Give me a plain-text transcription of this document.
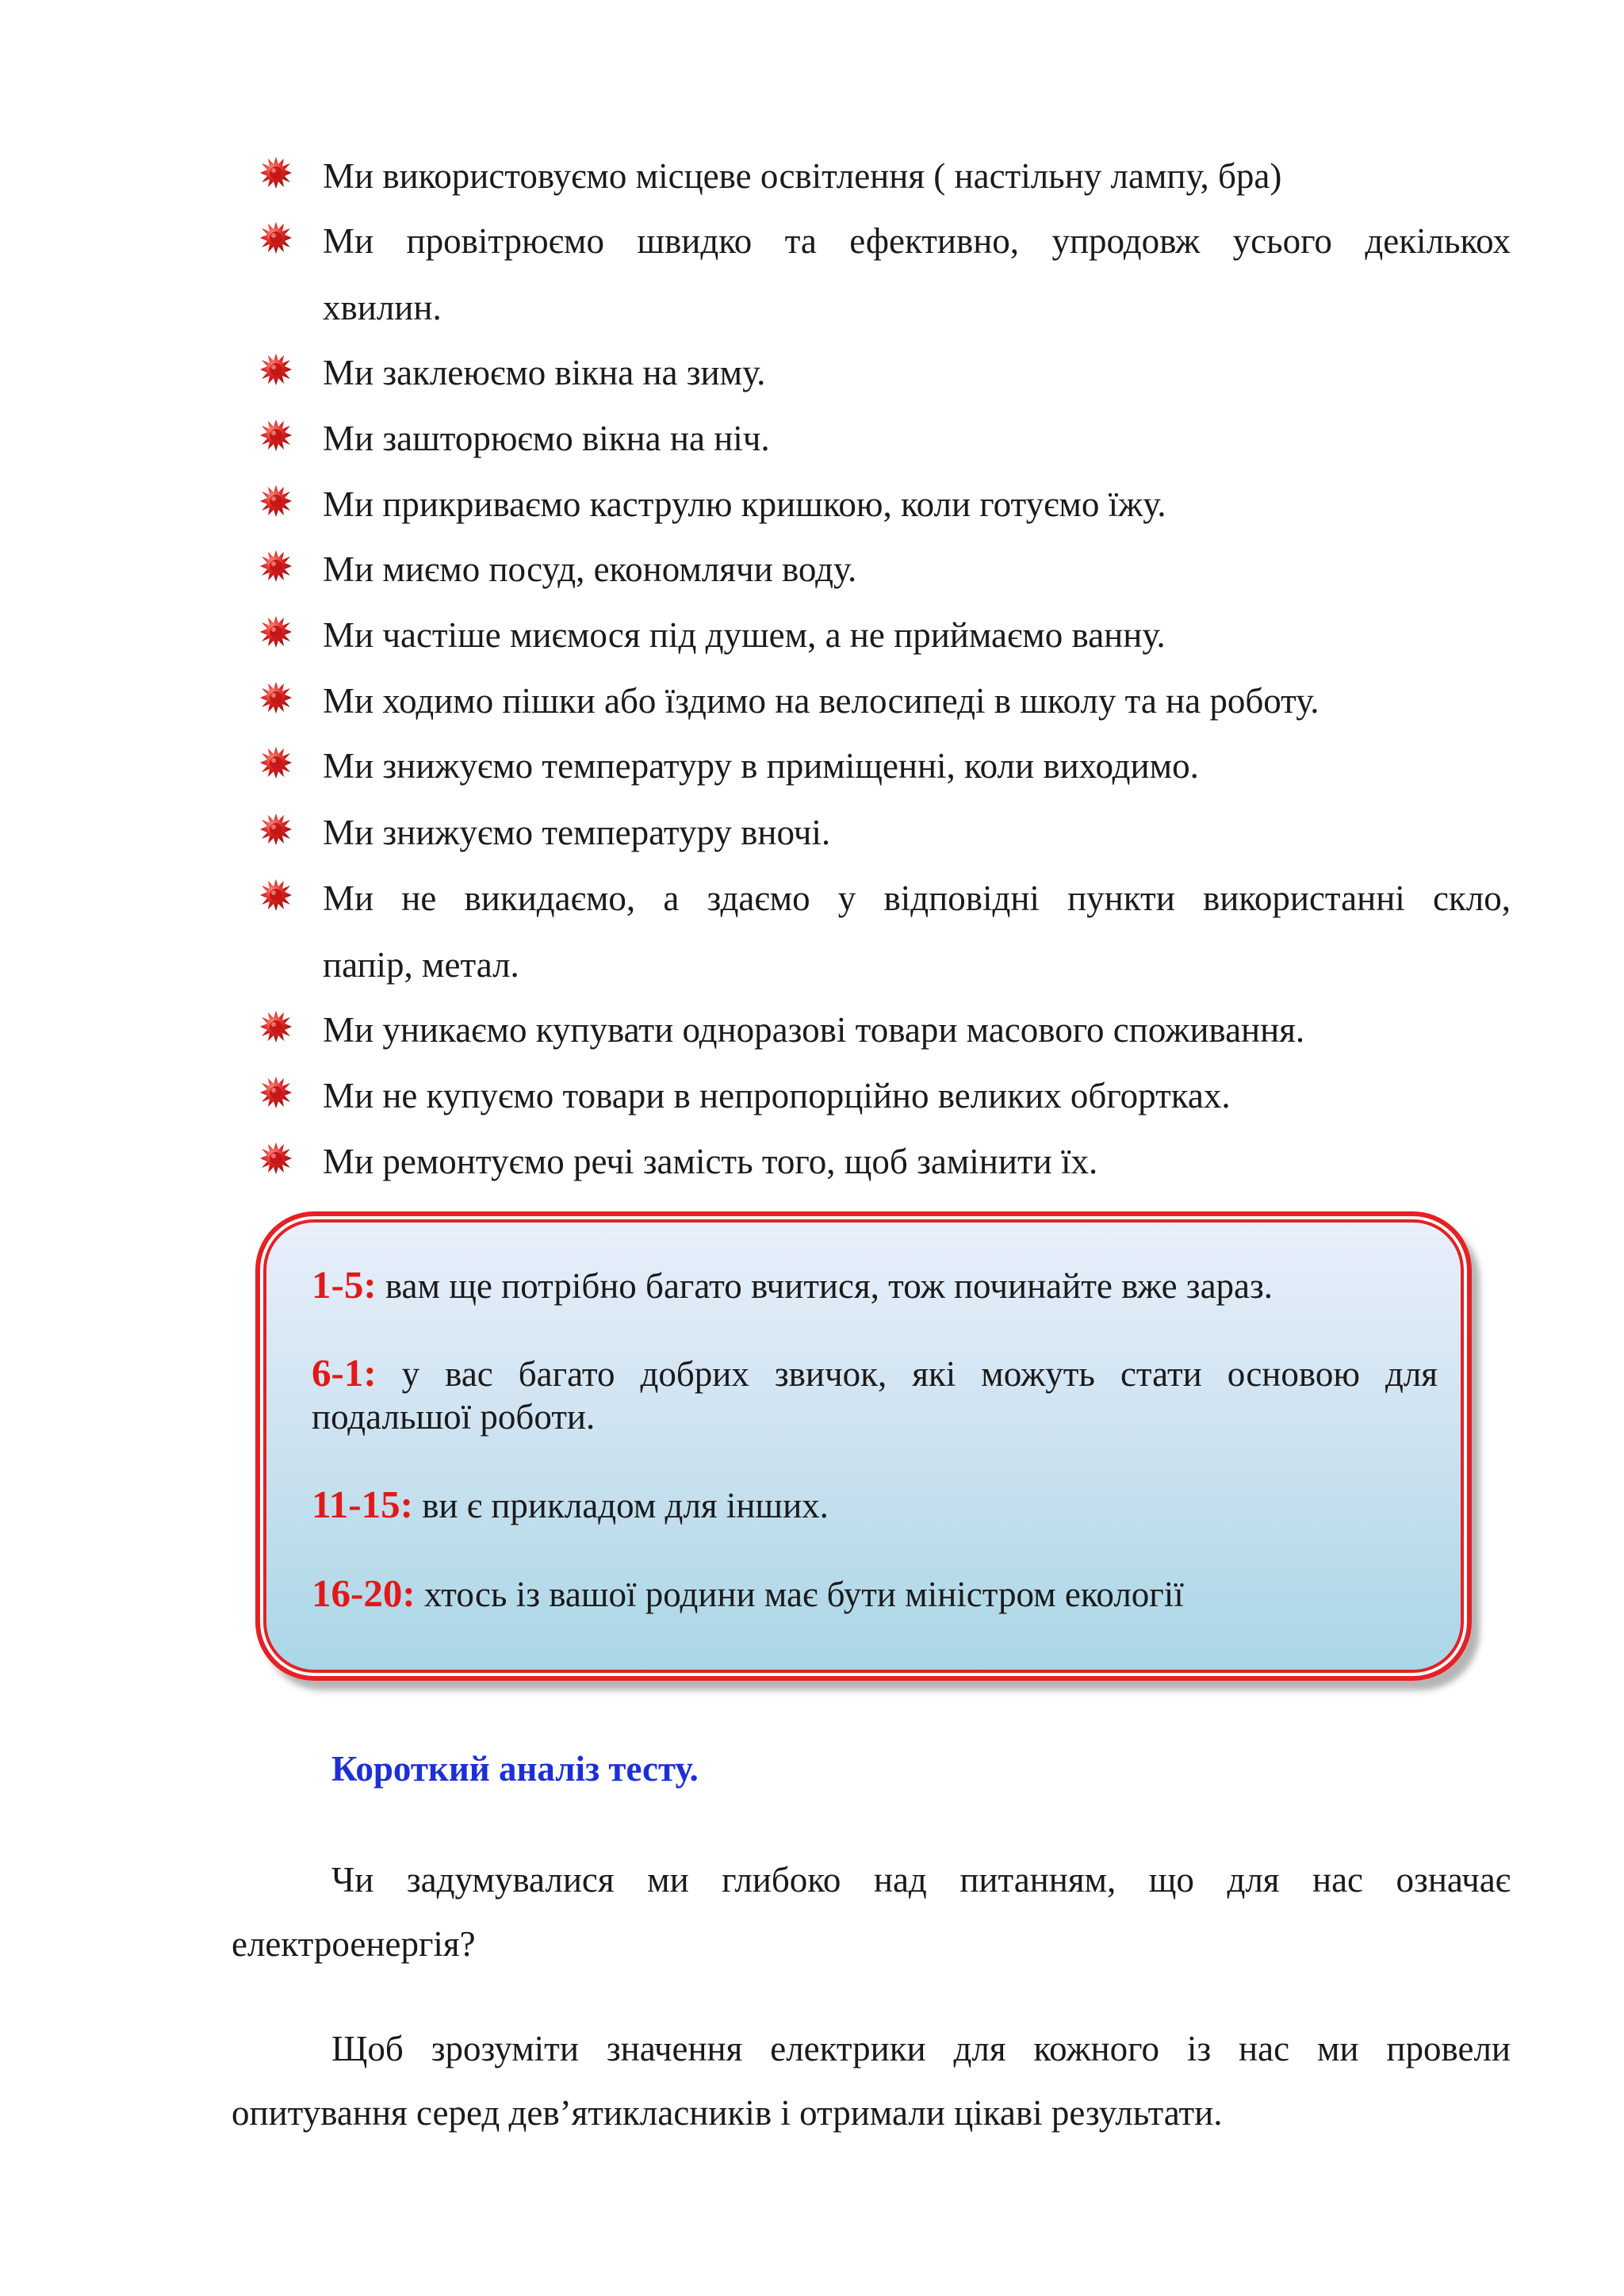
Ми використовуємо місцеве освітлення ( настільну лампу, бра)
Ми провітрюємо швидко та ефективно, упродовж усього декількох
хвилин.
Ми заклеюємо вікна на зиму.
Ми зашторюємо вікна на ніч.
Ми прикриваємо каструлю кришкою, коли готуємо їжу.
Ми миємо посуд, економлячи воду.
Ми частіше миємося під душем, а не приймаємо ванну.
Ми ходимо пішки або їздимо на велосипеді в школу та на роботу.
Ми знижуємо температуру в приміщенні, коли виходимо.
Ми знижуємо температуру вночі.
Ми не викидаємо, а здаємо у відповідні пункти використанні скло,
папір, метал.
Ми уникаємо купувати одноразові товари масового споживання.
Ми не купуємо товари в непропорційно великих обгортках.
Ми ремонтуємо речі замість того, щоб замінити їх.
1-5: вам ще потрібно багато вчитися, тож починайте вже зараз.
6-1: у вас багато добрих звичок, які можуть стати основою для подальшої роботи.
11-15: ви є прикладом для інших.
16-20: хтось із вашої родини має бути міністром екології
Короткий аналіз тесту.

Чи задумувалися ми глибоко над питанням, що для нас означає
електроенергія?

Щоб зрозуміти значення електрики для кожного із нас ми провели
опитування серед дев’ятикласників і отримали цікаві результати.
